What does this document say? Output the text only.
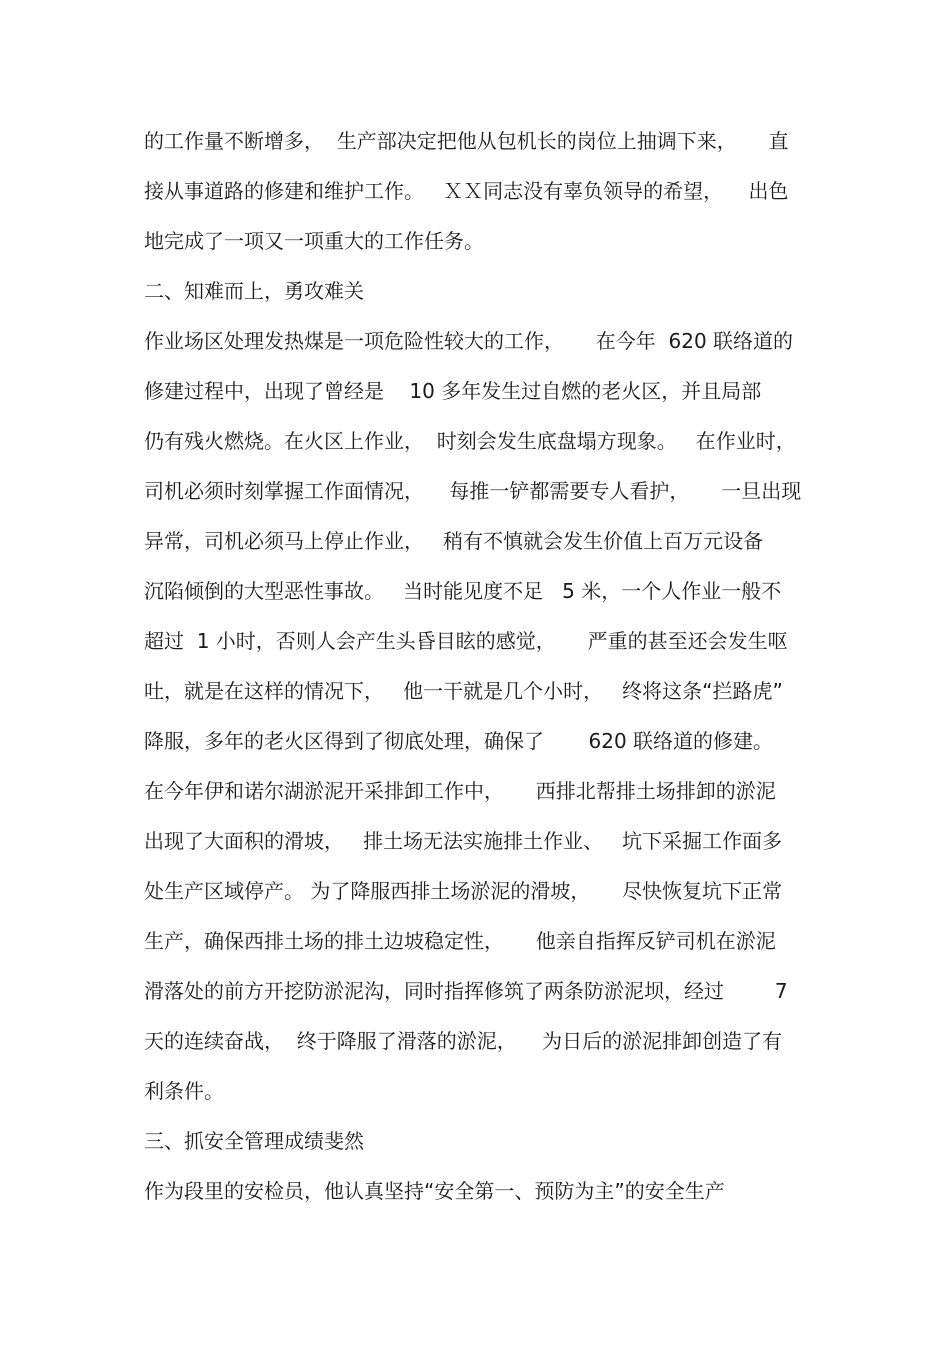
的工作量不断增多，  生产部决定把他从包机长的岗位上抽调下来，     直
接从事道路的修建和维护工作。   ＸＸ同志没有辜负领导的希望，    出色
地完成了一项又一项重大的工作任务。
二、知难而上，勇攻难关
作业场区处理发热煤是一项危险性较大的工作，     在今年  620 联络道的
修建过程中，出现了曾经是    10 多年发生过自燃的老火区，并且局部
仍有残火燃烧。在火区上作业，  时刻会发生底盘塌方现象。   在作业时，
司机必须时刻掌握工作面情况，    每推一铲都需要专人看护，     一旦出现
异常，司机必须马上停止作业，   稍有不慎就会发生价值上百万元设备
沉陷倾倒的大型恶性事故。   当时能见度不足   5 米，一个人作业一般不
超过  1 小时，否则人会产生头昏目眩的感觉，     严重的甚至还会发生呕
吐，就是在这样的情况下，   他一干就是几个小时，   终将这条“拦路虎”
降服，多年的老火区得到了彻底处理，确保了       620 联络道的修建。
在今年伊和诺尔湖淤泥开采排卸工作中，     西排北帮排土场排卸的淤泥
出现了大面积的滑坡，   排土场无法实施排土作业、   坑下采掘工作面多
处生产区域停产。 为了降服西排土场淤泥的滑坡，     尽快恢复坑下正常
生产，确保西排土场的排土边坡稳定性，     他亲自指挥反铲司机在淤泥
滑落处的前方开挖防淤泥沟，同时指挥修筑了两条防淤泥坝，经过        7
天的连续奋战，  终于降服了滑落的淤泥，    为日后的淤泥排卸创造了有
利条件。
三、抓安全管理成绩斐然
作为段里的安检员，他认真坚持“安全第一、预防为主”的安全生产
